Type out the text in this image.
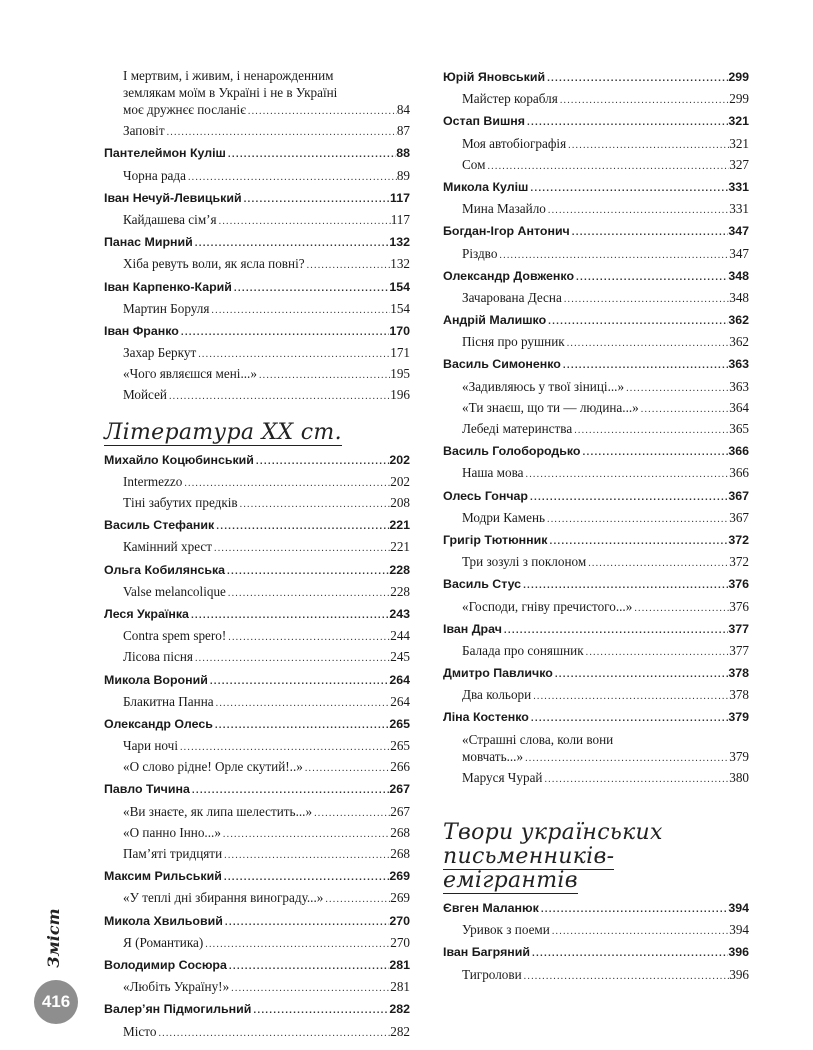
І мертвим, і живим, і ненарожденним
землякам моїм в Україні і не в Україні
моє дружнєє посланіє .....	84
Заповіт .....	87
Пантелеймон Куліш .....	88
Чорна рада .....	89
Іван Нечуй-Левицький .....	117
Кайдашева сім’я .....	117
Панас Мирний .....	132
Хіба ревуть воли, як ясла повні? .....	132
Іван Карпенко-Карий .....	154
Мартин Боруля .....	154
Іван Франко .....	170
Захар Беркут .....	171
«Чого являєшся мені...» .....	195
Мойсей .....	196
Література ХХ ст.
Михайло Коцюбинський .....	202
Intermezzo .....	202
Тіні забутих предків .....	208
Василь Стефаник .....	221
Камінний хрест .....	221
Ольга Кобилянська .....	228
Valse melancolique .....	228
Леся Українка .....	243
Contra spem spero! .....	244
Лісова пісня .....	245
Микола Вороний .....	264
Блакитна Панна .....	264
Олександр Олесь .....	265
Чари ночі .....	265
«О слово рідне! Орле скутий!..» .....	266
Павло Тичина .....	267
«Ви знаєте, як липа шелестить...» .....	267
«О панно Інно...» .....	268
Пам’яті тридцяти .....	268
Максим Рильський .....	269
«У теплі дні збирання винограду...» .....	269
Микола Хвильовий .....	270
Я (Романтика) .....	270
Володимир Сосюра .....	281
«Любіть Україну!» .....	281
Валер’ян Підмогильний .....	282
Місто .....	282
Юрій Яновський .....	299
Майстер корабля .....	299
Остап Вишня .....	321
Моя автобіографія .....	321
Сом .....	327
Микола Куліш .....	331
Мина Мазайло .....	331
Богдан-Ігор Антонич .....	347
Різдво .....	347
Олександр Довженко .....	348
Зачарована Десна .....	348
Андрій Малишко .....	362
Пісня про рушник .....	362
Василь Симоненко .....	363
«Задивляюсь у твої зіниці...» .....	363
«Ти знаєш, що ти — людина...» .....	364
Лебеді материнства .....	365
Василь Голобородько .....	366
Наша мова .....	366
Олесь Гончар .....	367
Модри Камень .....	367
Григір Тютюнник .....	372
Три зозулі з поклоном .....	372
Василь Стус .....	376
«Господи, гніву пречистого...» .....	376
Іван Драч .....	377
Балада про соняшник .....	377
Дмитро Павличко .....	378
Два кольори .....	378
Ліна Костенко .....	379
«Страшні слова, коли вони
мовчать...» .....	379
Маруся Чурай .....	380
Твори українських
письменників-емігрантів
Євген Маланюк .....	394
Уривок з поеми .....	394
Іван Багряний .....	396
Тигролови .....	396
Зміст
416
